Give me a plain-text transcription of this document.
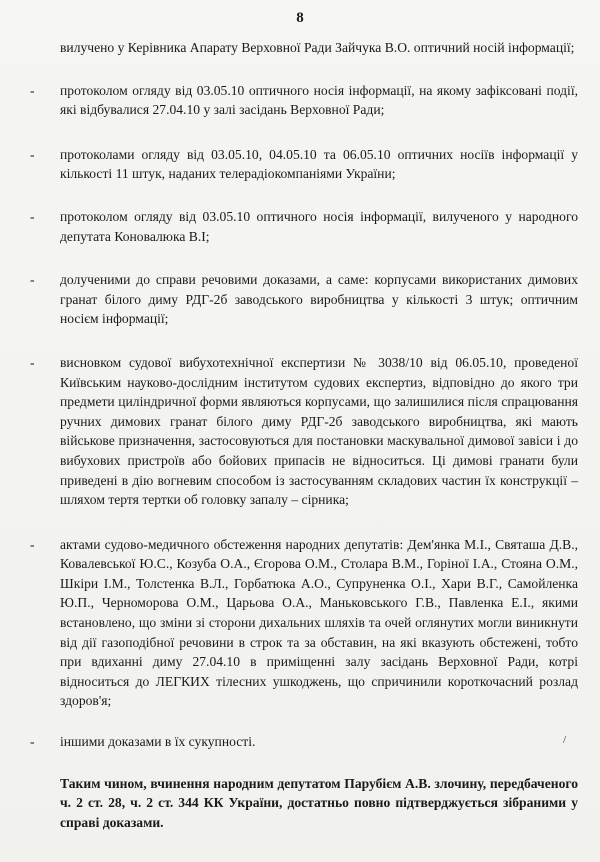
8

вилучено у Керівника Апарату Верховної Ради Зайчука В.О. оптичний носій інформації;

- протоколом огляду від 03.05.10 оптичного носія інформації, на якому зафіксовані події, які відбувалися 27.04.10 у залі засідань Верховної Ради;

- протоколами огляду від 03.05.10, 04.05.10 та 06.05.10 оптичних носіїв інформації у кількості 11 штук, наданих телерадіокомпаніями України;

- протоколом огляду від 03.05.10 оптичного носія інформації, вилученого у народного депутата Коновалюка В.І;

- долученими до справи речовими доказами, а саме: корпусами використаних димових гранат білого диму РДГ-2б заводського виробництва у кількості 3 штук; оптичним носієм інформації;

- висновком судової вибухотехнічної експертизи № 3038/10 від 06.05.10, проведеної Київським науково-дослідним інститутом судових експертиз, відповідно до якого три предмети циліндричної форми являються корпусами, що залишилися після спрацювання ручних димових гранат білого диму РДГ-2б заводського виробництва, які мають військове призначення, застосовуються для постановки маскувальної димової завіси і до вибухових пристроїв або бойових припасів не відноситься. Ці димові гранати були приведені в дію вогневим способом із застосуванням складових частин їх конструкції – шляхом тертя тертки об головку запалу – сірника;

- актами судово-медичного обстеження народних депутатів: Дем'янка М.І., Святаша Д.В., Ковалевської Ю.С., Козуба О.А., Єгорова О.М., Столара В.М., Горіної І.А., Стояна О.М., Шкіри І.М., Толстенка В.Л., Горбатюка А.О., Супруненка О.І., Хари В.Г., Самойленка Ю.П., Черноморова О.М., Царьова О.А., Маньковського Г.В., Павленка Е.І., якими встановлено, що зміни зі сторони дихальних шляхів та очей оглянутих могли виникнути від дії газоподібної речовини в строк та за обставин, на які вказують обстежені, тобто при вдиханні диму 27.04.10 в приміщенні залу засідань Верховної Ради, котрі відноситься до ЛЕГКИХ тілесних ушкоджень, що спричинили короткочасний розлад здоров'я;

- іншими доказами в їх сукупності.

Таким чином, вчинення народним депутатом Парубієм А.В. злочину, передбаченого ч. 2 ст. 28, ч. 2 ст. 344 КК України, достатньо повно підтверджується зібраними у справі доказами.

/
